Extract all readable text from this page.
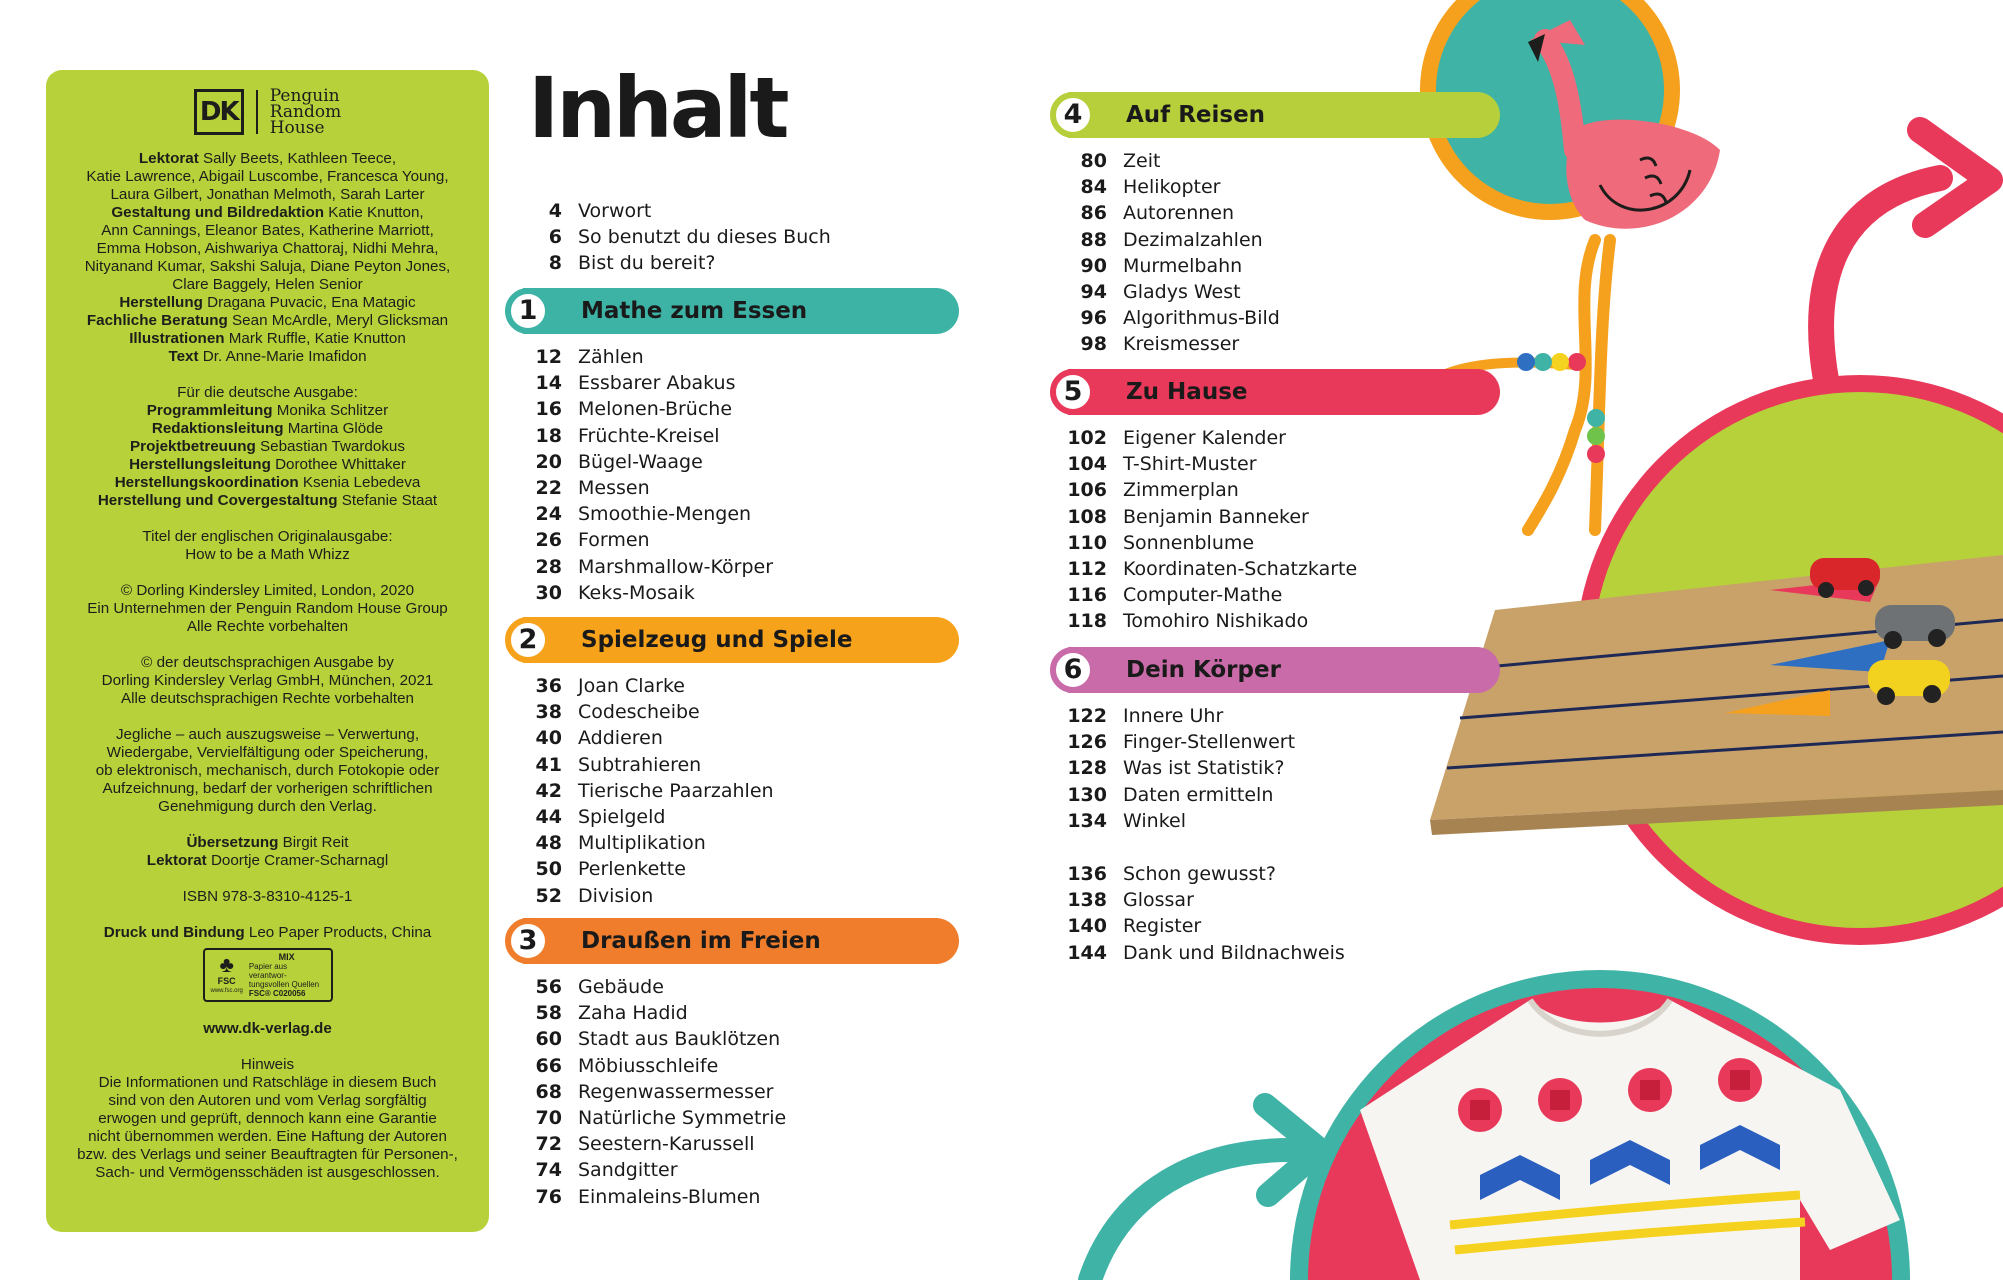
DK
Penguin
Random
House
Lektorat Sally Beets, Kathleen Teece,
Katie Lawrence, Abigail Luscombe, Francesca Young,
Laura Gilbert, Jonathan Melmoth, Sarah Larter
Gestaltung und Bildredaktion Katie Knutton,
Ann Cannings, Eleanor Bates, Katherine Marriott,
Emma Hobson, Aishwariya Chattoraj, Nidhi Mehra,
Nityanand Kumar, Sakshi Saluja, Diane Peyton Jones,
Clare Baggely, Helen Senior
Herstellung Dragana Puvacic, Ena Matagic
Fachliche Beratung Sean McArdle, Meryl Glicksman
Illustrationen Mark Ruffle, Katie Knutton
Text Dr. Anne-Marie Imafidon
Für die deutsche Ausgabe:
Programmleitung Monika Schlitzer
Redaktionsleitung Martina Glöde
Projektbetreuung Sebastian Twardokus
Herstellungsleitung Dorothee Whittaker
Herstellungskoordination Ksenia Lebedeva
Herstellung und Covergestaltung Stefanie Staat
Titel der englischen Originalausgabe:
How to be a Math Whizz
© Dorling Kindersley Limited, London, 2020
Ein Unternehmen der Penguin Random House Group
Alle Rechte vorbehalten
© der deutschsprachigen Ausgabe by
Dorling Kindersley Verlag GmbH, München, 2021
Alle deutschsprachigen Rechte vorbehalten
Jegliche – auch auszugsweise – Verwertung,
Wiedergabe, Vervielfältigung oder Speicherung,
ob elektronisch, mechanisch, durch Fotokopie oder
Aufzeichnung, bedarf der vorherigen schriftlichen
Genehmigung durch den Verlag.
Übersetzung Birgit Reit
Lektorat Doortje Cramer-Scharnagl
ISBN 978-3-8310-4125-1
Druck und Bindung Leo Paper Products, China
♣
FSC
www.fsc.org
MIX
Papier aus verantwor-tungsvollen Quellen
FSC® C020056
www.dk-verlag.de
Hinweis
Die Informationen und Ratschläge in diesem Buch
sind von den Autoren und vom Verlag sorgfältig
erwogen und geprüft, dennoch kann eine Garantie
nicht übernommen werden. Eine Haftung der Autoren
bzw. des Verlags und seiner Beauftragten für Personen-,
Sach- und Vermögensschäden ist ausgeschlossen.
Inhalt
4 Vorwort
6 So benutzt du dieses Buch
8 Bist du bereit?
1	Mathe zum Essen
12 Zählen
14 Essbarer Abakus
16 Melonen-Brüche
18 Früchte-Kreisel
20 Bügel-Waage
22 Messen
24 Smoothie-Mengen
26 Formen
28 Marshmallow-Körper
30 Keks-Mosaik
2	Spielzeug und Spiele
36 Joan Clarke
38 Codescheibe
40 Addieren
41 Subtrahieren
42 Tierische Paarzahlen
44 Spielgeld
48 Multiplikation
50 Perlenkette
52 Division
3	Draußen im Freien
56 Gebäude
58 Zaha Hadid
60 Stadt aus Bauklötzen
66 Möbiusschleife
68 Regenwassermesser
70 Natürliche Symmetrie
72 Seestern-Karussell
74 Sandgitter
76 Einmaleins-Blumen
4	Auf Reisen
80 Zeit
84 Helikopter
86 Autorennen
88 Dezimalzahlen
90 Murmelbahn
94 Gladys West
96 Algorithmus-Bild
98 Kreismesser
5	Zu Hause
102 Eigener Kalender
104 T-Shirt-Muster
106 Zimmerplan
108 Benjamin Banneker
110 Sonnenblume
112 Koordinaten-Schatzkarte
116 Computer-Mathe
118 Tomohiro Nishikado
6	Dein Körper
122 Innere Uhr
126 Finger-Stellenwert
128 Was ist Statistik?
130 Daten ermitteln
134 Winkel
136 Schon gewusst?
138 Glossar
140 Register
144 Dank und Bildnachweis
